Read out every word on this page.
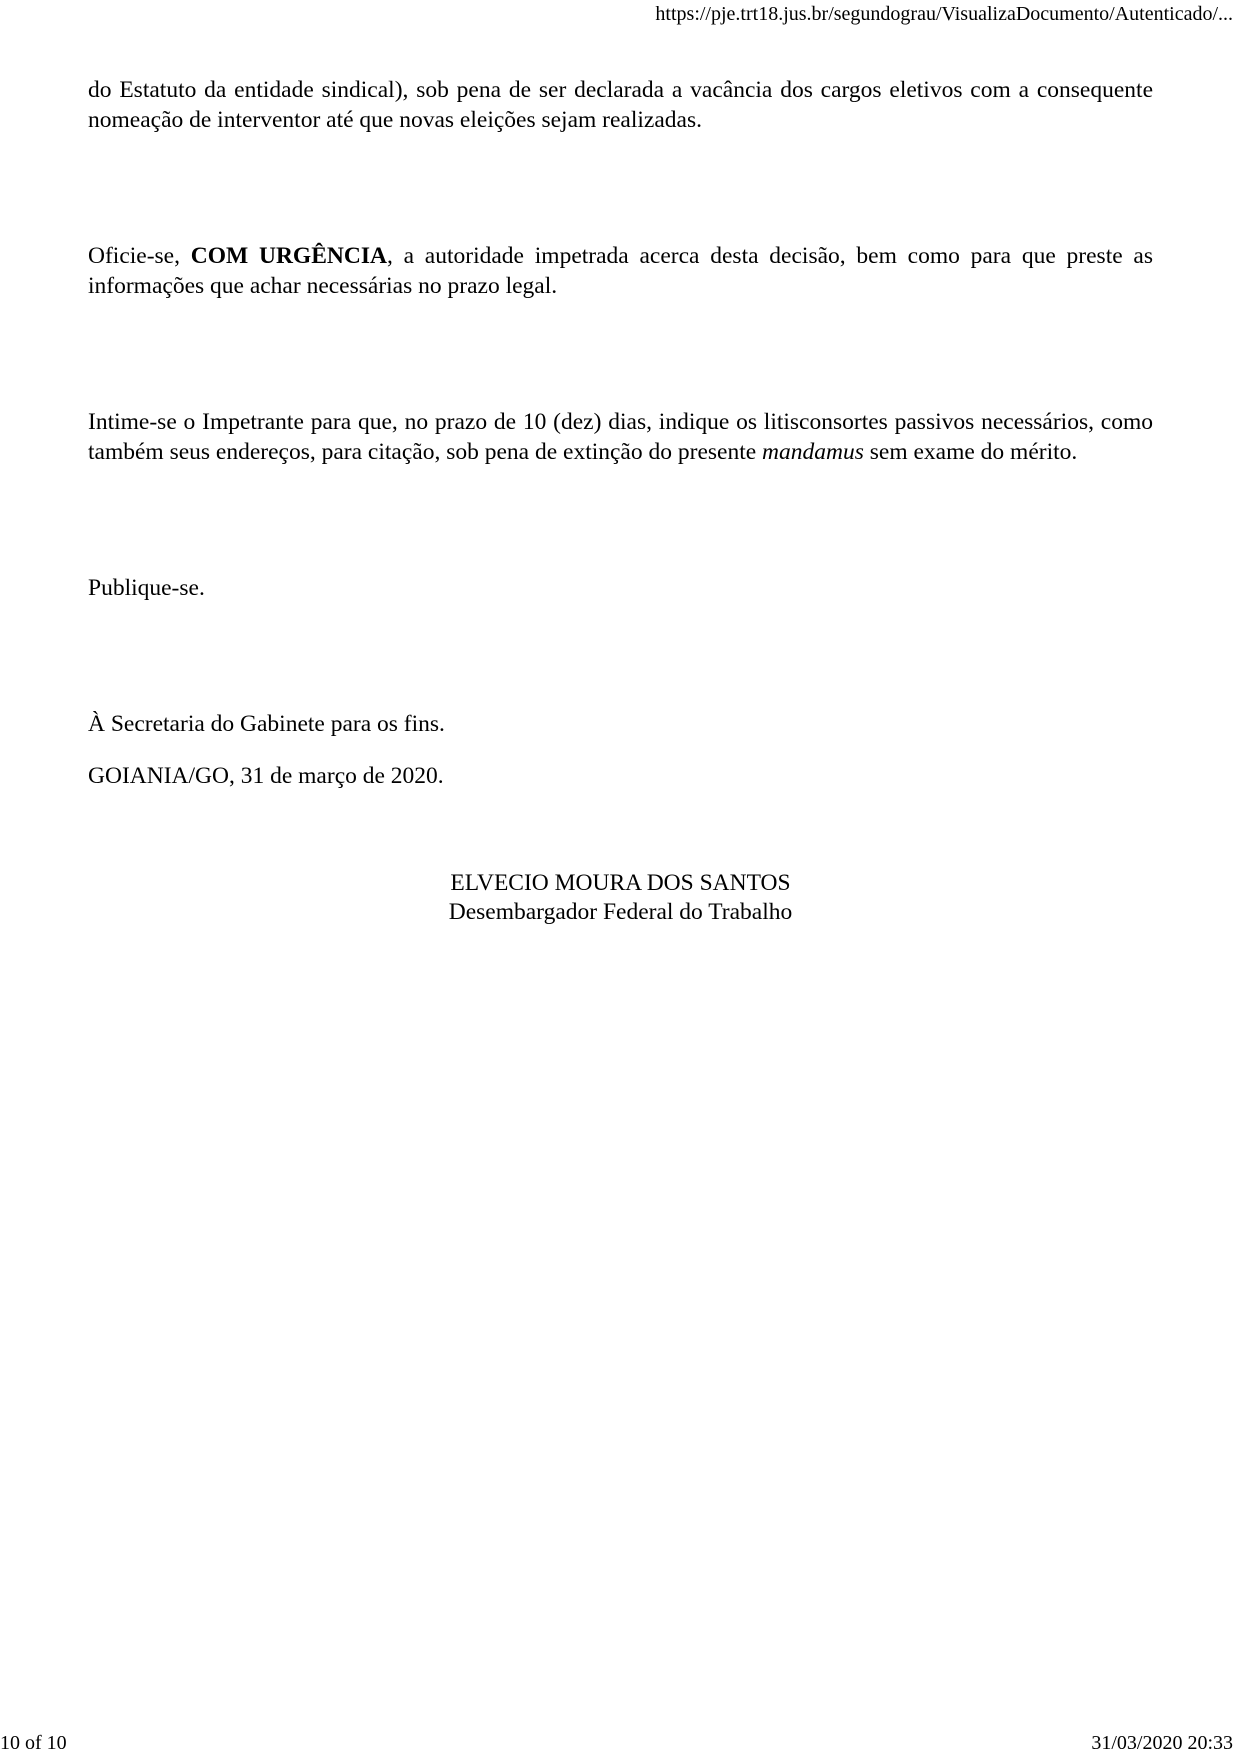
https://pje.trt18.jus.br/segundograu/VisualizaDocumento/Autenticado/...

do Estatuto da entidade sindical), sob pena de ser declarada a vacância dos cargos eletivos com a consequente nomeação de interventor até que novas eleições sejam realizadas.

Oficie-se, COM URGÊNCIA, a autoridade impetrada acerca desta decisão, bem como para que preste as informações que achar necessárias no prazo legal.

Intime-se o Impetrante para que, no prazo de 10 (dez) dias, indique os litisconsortes passivos necessários, como também seus endereços, para citação, sob pena de extinção do presente mandamus sem exame do mérito.

Publique-se.

À Secretaria do Gabinete para os fins.

GOIANIA/GO, 31 de março de 2020.

ELVECIO MOURA DOS SANTOS
Desembargador Federal do Trabalho
10 of 10	31/03/2020 20:33
